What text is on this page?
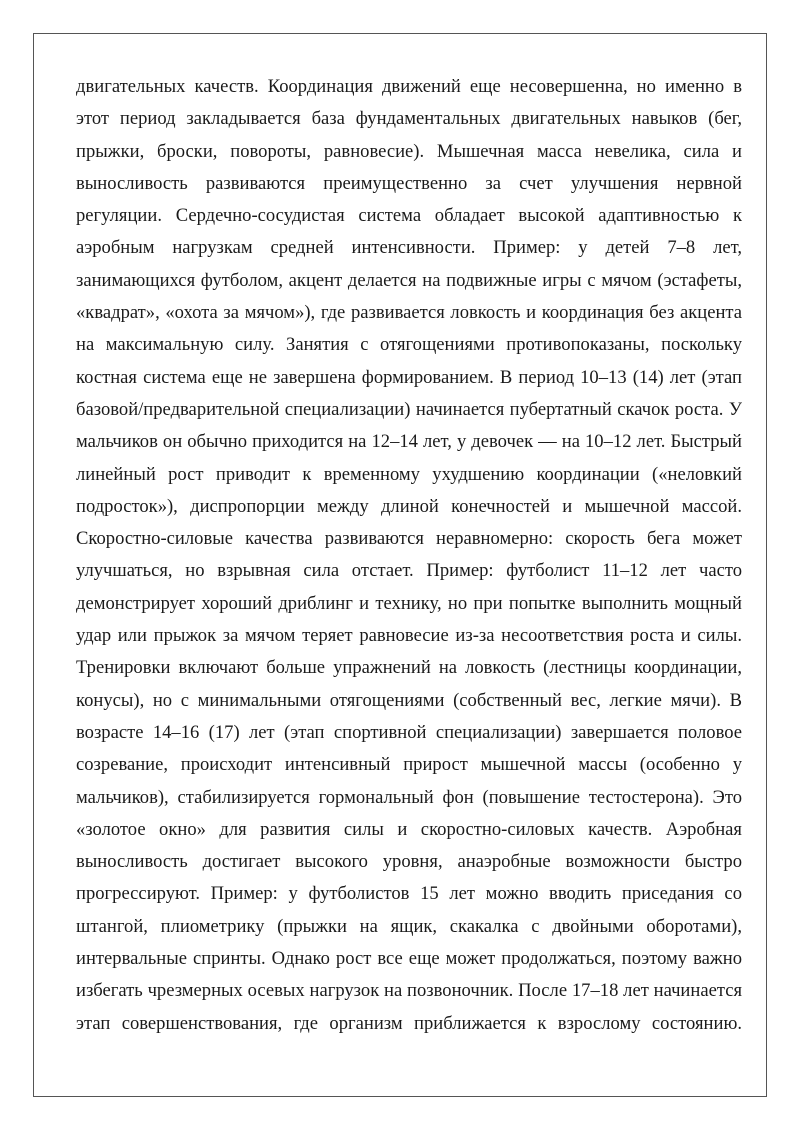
двигательных качеств. Координация движений еще несовершенна, но именно в
этот период закладывается база фундаментальных двигательных навыков (бег,
прыжки, броски, повороты, равновесие). Мышечная масса невелика, сила и
выносливость развиваются преимущественно за счет улучшения нервной
регуляции. Сердечно-сосудистая система обладает высокой адаптивностью к
аэробным нагрузкам средней интенсивности. Пример: у детей 7–8 лет,
занимающихся футболом, акцент делается на подвижные игры с мячом (эстафеты,
«квадрат», «охота за мячом»), где развивается ловкость и координация без акцента
на максимальную силу. Занятия с отягощениями противопоказаны, поскольку
костная система еще не завершена формированием. В период 10–13 (14) лет (этап
базовой/предварительной специализации) начинается пубертатный скачок роста. У
мальчиков он обычно приходится на 12–14 лет, у девочек — на 10–12 лет. Быстрый
линейный рост приводит к временному ухудшению координации («неловкий
подросток»), диспропорции между длиной конечностей и мышечной массой.
Скоростно-силовые качества развиваются неравномерно: скорость бега может
улучшаться, но взрывная сила отстает. Пример: футболист 11–12 лет часто
демонстрирует хороший дриблинг и технику, но при попытке выполнить мощный
удар или прыжок за мячом теряет равновесие из-за несоответствия роста и силы.
Тренировки включают больше упражнений на ловкость (лестницы координации,
конусы), но с минимальными отягощениями (собственный вес, легкие мячи). В
возрасте 14–16 (17) лет (этап спортивной специализации) завершается половое
созревание, происходит интенсивный прирост мышечной массы (особенно у
мальчиков), стабилизируется гормональный фон (повышение тестостерона). Это
«золотое окно» для развития силы и скоростно-силовых качеств. Аэробная
выносливость достигает высокого уровня, анаэробные возможности быстро
прогрессируют. Пример: у футболистов 15 лет можно вводить приседания со
штангой, плиометрику (прыжки на ящик, скакалка с двойными оборотами),
интервальные спринты. Однако рост все еще может продолжаться, поэтому важно
избегать чрезмерных осевых нагрузок на позвоночник. После 17–18 лет начинается
этап совершенствования, где организм приближается к взрослому состоянию.
